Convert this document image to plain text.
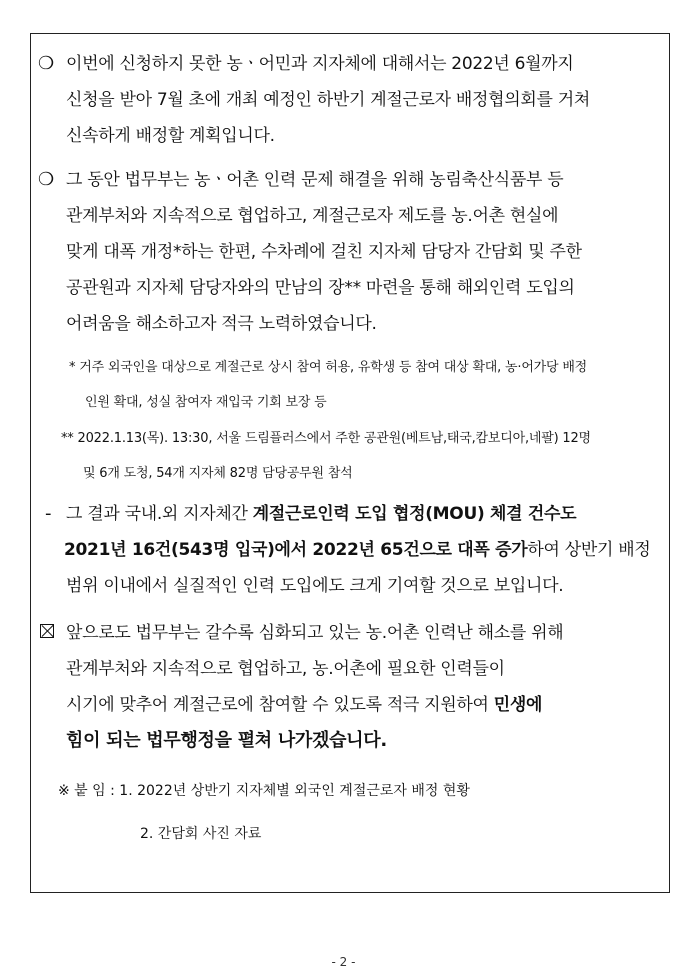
❍ 이번에 신청하지 못한 농ㆍ어민과 지자체에 대해서는 2022년 6월까지
신청을 받아 7월 초에 개최 예정인 하반기 계절근로자 배정협의회를 거쳐
신속하게 배정할 계획입니다.
❍ 그 동안 법무부는 농ㆍ어촌 인력 문제 해결을 위해 농림축산식품부 등
관계부처와 지속적으로 협업하고, 계절근로자 제도를 농.어촌 현실에
맞게 대폭 개정*하는 한편, 수차례에 걸친 지자체 담당자 간담회 및 주한
공관원과 지자체 담당자와의 만남의 장** 마련을 통해 해외인력 도입의
어려움을 해소하고자 적극 노력하였습니다.
* 거주 외국인을 대상으로 계절근로 상시 참여 허용, 유학생 등 참여 대상 확대, 농·어가당 배정
인원 확대, 성실 참여자 재입국 기회 보장 등
** 2022.1.13(목). 13:30, 서울 드림플러스에서 주한 공관원(베트남,태국,캄보디아,네팔) 12명
및 6개 도청, 54개 지자체 82명 담당공무원 참석
- 그 결과 국내.외 지자체간 계절근로인력 도입 협정(MOU) 체결 건수도
2021년 16건(543명 입국)에서 2022년 65건으로 대폭 증가하여 상반기 배정
범위 이내에서 실질적인 인력 도입에도 크게 기여할 것으로 보입니다.
앞으로도 법무부는 갈수록 심화되고 있는 농.어촌 인력난 해소를 위해
관계부처와 지속적으로 협업하고, 농.어촌에 필요한 인력들이
시기에 맞추어 계절근로에 참여할 수 있도록 적극 지원하여 민생에
힘이 되는 법무행정을 펼쳐 나가겠습니다.
※ 붙 임 : 1. 2022년 상반기 지자체별 외국인 계절근로자 배정 현황
2. 간담회 사진 자료
- 2 -
